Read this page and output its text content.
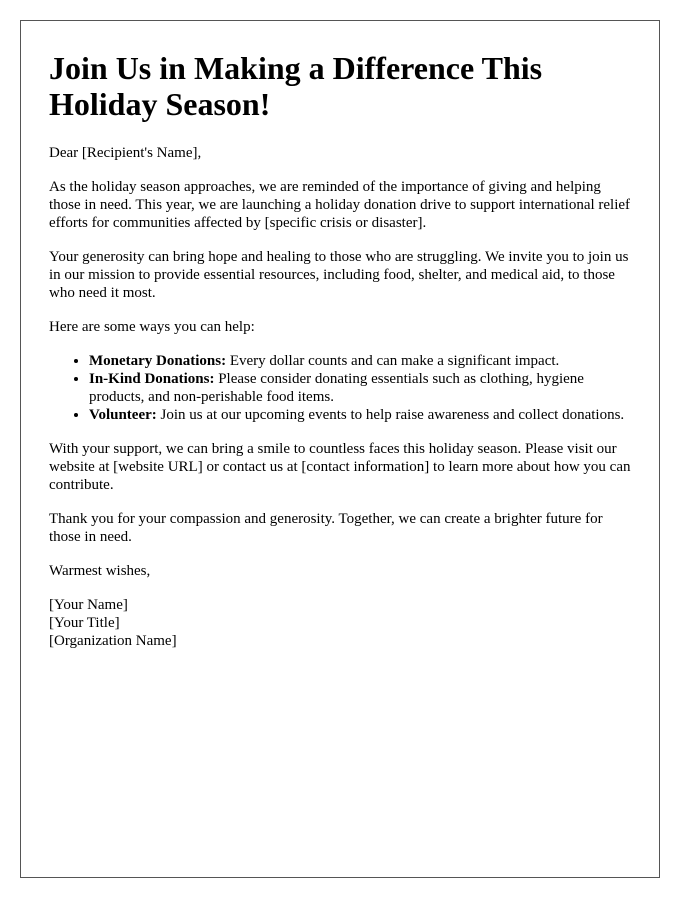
Join Us in Making a Difference This Holiday Season!

Dear [Recipient's Name],

As the holiday season approaches, we are reminded of the importance of giving and helping those in need. This year, we are launching a holiday donation drive to support international relief efforts for communities affected by [specific crisis or disaster].

Your generosity can bring hope and healing to those who are struggling. We invite you to join us in our mission to provide essential resources, including food, shelter, and medical aid, to those who need it most.

Here are some ways you can help:

• Monetary Donations: Every dollar counts and can make a significant impact.
• In-Kind Donations: Please consider donating essentials such as clothing, hygiene products, and non-perishable food items.
• Volunteer: Join us at our upcoming events to help raise awareness and collect donations.

With your support, we can bring a smile to countless faces this holiday season. Please visit our website at [website URL] or contact us at [contact information] to learn more about how you can contribute.

Thank you for your compassion and generosity. Together, we can create a brighter future for those in need.

Warmest wishes,

[Your Name]
[Your Title]
[Organization Name]
